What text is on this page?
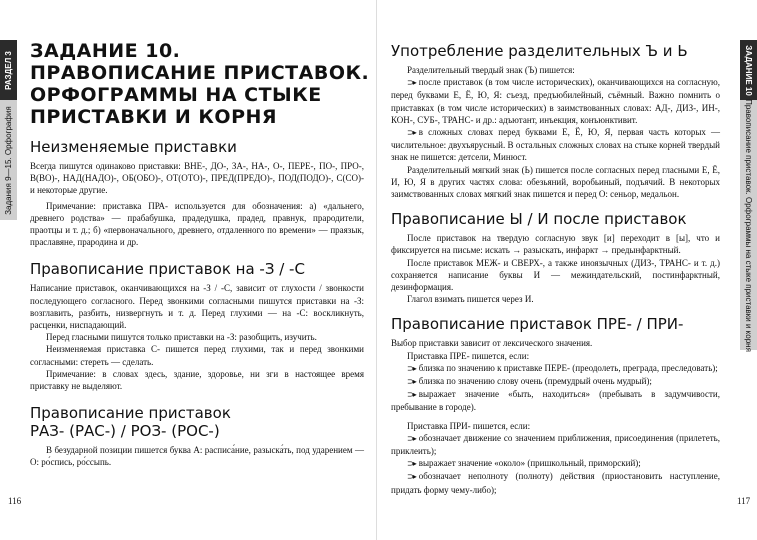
РАЗДЕЛ 3
Задания 9—15. Орфография
ЗАДАНИЕ 10
Правописание приставок. Орфограммы на стыке приставки и корня
ЗАДАНИЕ 10.
ПРАВОПИСАНИЕ ПРИСТАВОК.
ОРФОГРАММЫ НА СТЫКЕ
ПРИСТАВКИ И КОРНЯ
Неизменяемые приставки

Всегда пишутся одинаково приставки: ВНЕ-, ДО-, ЗА-, НА-, О-, ПЕРЕ-, ПО-, ПРО-, В(ВО)-, НАД(НАДО)-, ОБ(ОБО)-, ОТ(ОТО)-, ПРЕД(ПРЕДО)-, ПОД(ПОДО)-, С(СО)- и некоторые другие.

Примечание: приставка ПРА- используется для обозначения: а) «дальнего, древнего родства» — прабабушка, прадедушка, прадед, правнук, прародители, праотцы и т. д.; б) «первоначального, древнего, отдаленного по времени» — праязык, праславяне, прародина и др.

Правописание приставок на -З / -С

Написание приставок, оканчивающихся на -З / -С, зависит от глухости / звонкости последующего согласного. Перед звонкими согласными пишутся приставки на -З: возглавить, разбить, низвергнуть и т. д. Перед глухими — на -С: воскликнуть, расценки, ниспадающий.

Перед гласными пишутся только приставки на -З: разобщить, изучить.

Неизменяемая приставка С- пишется перед глухими, так и перед звонкими согласными: стереть — сделать.

Примечание: в словах здесь, здание, здоровье, ни зги в настоящее время приставку не выделяют.

Правописание приставок
РАЗ- (РАС-) / РОЗ- (РОС-)

В безударной позиции пишется буква А: расписа́ние, разыска́ть, под ударением — О: ро́спись, ро́ссыпь.

116
Употребление разделительных Ъ и Ь

Разделительный твердый знак (Ъ) пишется:

⊃▸ после приставок (в том числе исторических), оканчивающихся на согласную, перед буквами Е, Ё, Ю, Я: съезд, предъюбилейный, съёмный. Важно помнить о приставках (в том числе исторических) в заимствованных словах: АД-, ДИЗ-, ИН-, КОН-, СУБ-, ТРАНС- и др.: адъютант, инъекция, конъюнктивит.

⊃▸ в сложных словах перед буквами Е, Ё, Ю, Я, первая часть которых — числительное: двухъярусный. В остальных сложных словах на стыке корней твердый знак не пишется: детсели, Минюст.

Разделительный мягкий знак (Ь) пишется после согласных перед гласными Е, Ё, И, Ю, Я в других частях слова: обезьяний, воробьиный, подъячий. В некоторых заимствованных словах мягкий знак пишется и перед О: сеньор, медальон.

Правописание Ы / И после приставок

После приставок на твердую согласную звук [и] переходит в [ы], что и фиксируется на письме: искать → разыскать, инфаркт → предынфарктный.

После приставок МЕЖ- и СВЕРХ-, а также иноязычных (ДИЗ-, ТРАНС- и т. д.) сохраняется написание буквы И — межиндательский, постинфарктный, дезинформация.

Глагол взимать пишется через И.

Правописание приставок ПРЕ- / ПРИ-

Выбор приставки зависит от лексического значения.

Приставка ПРЕ- пишется, если:

⊃▸ близка по значению к приставке ПЕРЕ- (преодолеть, преграда, преследовать);

⊃▸ близка по значению слову очень (премудрый очень мудрый);

⊃▸ выражает значение «быть, находиться» (пребывать в задумчивости, пребывание в городе).

Приставка ПРИ- пишется, если:

⊃▸ обозначает движение со значением приближения, присоединения (прилететь, приклеить);

⊃▸ выражает значение «около» (пришкольный, приморский);

⊃▸ обозначает неполноту (полноту) действия (приостановить наступление, придать форму чему-либо);

117
